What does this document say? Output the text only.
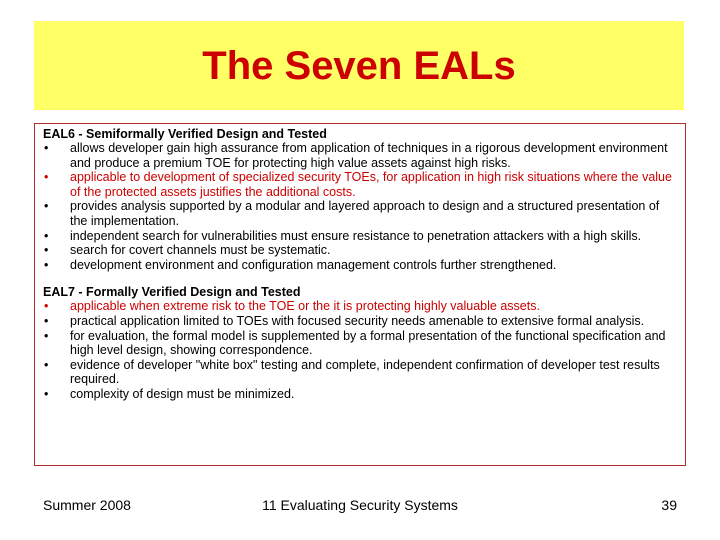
The Seven EALs
EAL6 - Semiformally Verified Design and Tested
• allows developer gain high assurance from application of techniques in a rigorous development environment and produce a premium TOE for protecting high value assets against high risks.
• applicable to development of specialized security TOEs, for application in high risk situations where the value of the protected assets justifies the additional costs.
• provides analysis supported by a modular and layered approach to design and a structured presentation of the implementation.
• independent search for vulnerabilities must ensure resistance to penetration attackers with a high skills.
• search for covert channels must be systematic.
• development environment and configuration management controls further strengthened.
EAL7 - Formally Verified Design and Tested
• applicable when extreme risk to the TOE or the it is protecting highly valuable assets.
• practical application limited to TOEs with focused security needs amenable to extensive formal analysis.
• for evaluation, the formal model is supplemented by a formal presentation of the functional specification and high level design, showing correspondence.
• evidence of developer "white box" testing and complete, independent confirmation of developer test results required.
• complexity of design must be minimized.
Summer 2008	11 Evaluating Security Systems	39
